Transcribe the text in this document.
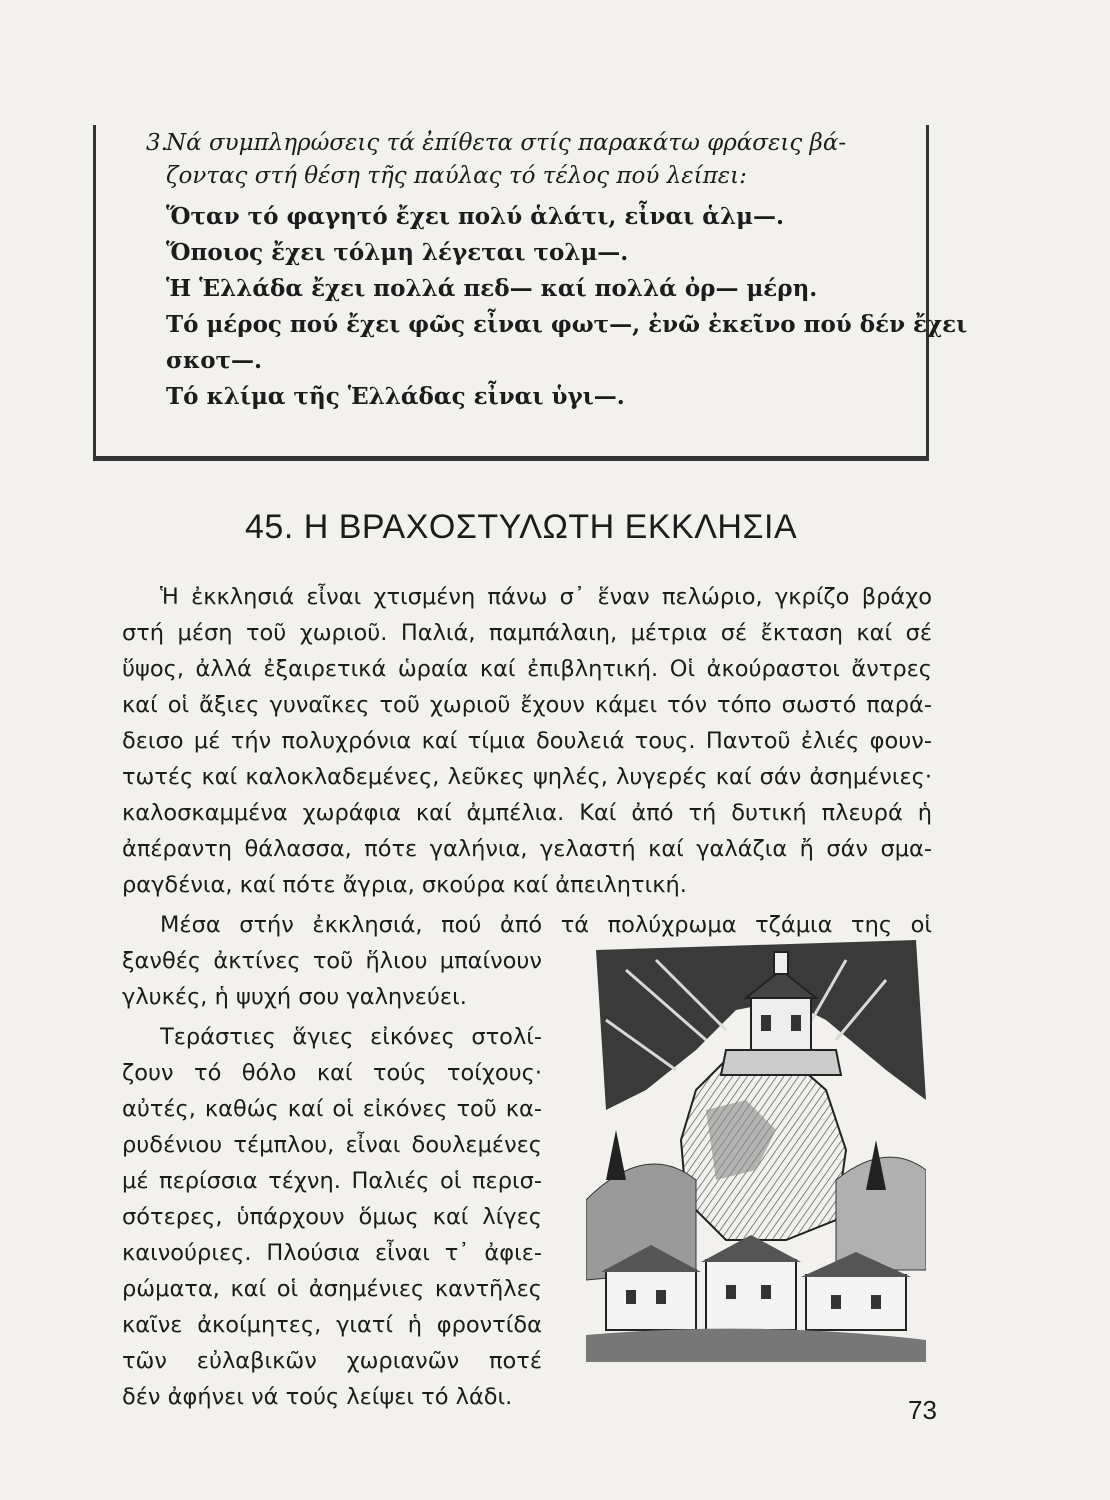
3.
Νά συμπληρώσεις τά ἐπίθετα στίς παρακάτω φράσεις βά-
ζοντας στή θέση τῆς παύλας τό τέλος πού λείπει:
Ὅταν τό φαγητό ἔχει πολύ ἁλάτι, εἶναι ἁλμ—.
Ὅποιος ἔχει τόλμη λέγεται τολμ—.
Ἡ Ἑλλάδα ἔχει πολλά πεδ— καί πολλά ὀρ— μέρη.
Τό μέρος πού ἔχει φῶς εἶναι φωτ—, ἐνῶ ἐκεῖνο πού δέν ἔχει
σκοτ—.
Τό κλίμα τῆς Ἑλλάδας εἶναι ὑγι—.
45. Η ΒΡΑΧΟΣΤΥΛΩΤΗ ΕΚΚΛΗΣΙΑ
Ἡ ἐκκλησιά εἶναι χτισμένη πάνω σ᾿ ἕναν πελώριο, γκρίζο βράχο
στή μέση τοῦ χωριοῦ. Παλιά, παμπάλαιη, μέτρια σέ ἔκταση καί σέ
ὕψος, ἀλλά ἐξαιρετικά ὡραία καί ἐπιβλητική. Οἱ ἀκούραστοι ἄντρες
καί οἱ ἄξιες γυναῖκες τοῦ χωριοῦ ἔχουν κάμει τόν τόπο σωστό παρά-
δεισο μέ τήν πολυχρόνια καί τίμια δουλειά τους. Παντοῦ ἐλιές φουν-
τωτές καί καλοκλαδεμένες, λεῦκες ψηλές, λυγερές καί σάν ἀσημένιες·
καλοσκαμμένα χωράφια καί ἀμπέλια. Καί ἀπό τή δυτική πλευρά ἡ
ἀπέραντη θάλασσα, πότε γαλήνια, γελαστή καί γαλάζια ἤ σάν σμα-
ραγδένια, καί πότε ἄγρια, σκούρα καί ἀπειλητική.
Μέσα στήν ἐκκλησιά, πού ἀπό τά πολύχρωμα τζάμια της οἱ
ξανθές ἀκτίνες τοῦ ἥλιου μπαίνουν
γλυκές, ἡ ψυχή σου γαληνεύει.
Τεράστιες ἅγιες εἰκόνες στολί-
ζουν τό θόλο καί τούς τοίχους·
αὐτές, καθώς καί οἱ εἰκόνες τοῦ κα-
ρυδένιου τέμπλου, εἶναι δουλεμένες
μέ περίσσια τέχνη. Παλιές οἱ περισ-
σότερες, ὑπάρχουν ὅμως καί λίγες
καινούριες. Πλούσια εἶναι τ᾿ ἀφιε-
ρώματα, καί οἱ ἀσημένιες καντῆλες
καῖνε ἀκοίμητες, γιατί ἡ φροντίδα
τῶν εὐλαβικῶν χωριανῶν ποτέ
δέν ἀφήνει νά τούς λείψει τό λάδι.	73
